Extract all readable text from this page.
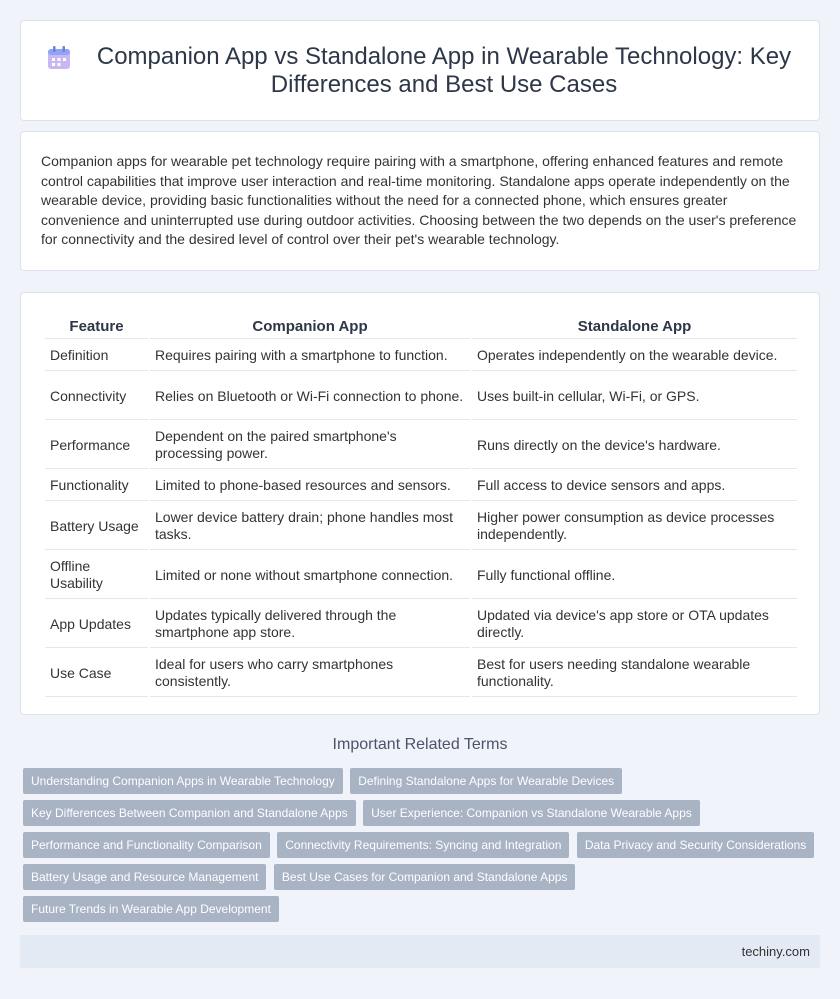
Companion App vs Standalone App in Wearable Technology: Key Differences and Best Use Cases

Companion apps for wearable pet technology require pairing with a smartphone, offering enhanced features and remote control capabilities that improve user interaction and real-time monitoring. Standalone apps operate independently on the wearable device, providing basic functionalities without the need for a connected phone, which ensures greater convenience and uninterrupted use during outdoor activities. Choosing between the two depends on the user's preference for connectivity and the desired level of control over their pet's wearable technology.

Feature	Companion App	Standalone App
Definition	Requires pairing with a smartphone to function.	Operates independently on the wearable device.
Connectivity	Relies on Bluetooth or Wi-Fi connection to phone.	Uses built-in cellular, Wi-Fi, or GPS.
Performance	Dependent on the paired smartphone's processing power.	Runs directly on the device's hardware.
Functionality	Limited to phone-based resources and sensors.	Full access to device sensors and apps.
Battery Usage	Lower device battery drain; phone handles most tasks.	Higher power consumption as device processes independently.
Offline Usability	Limited or none without smartphone connection.	Fully functional offline.
App Updates	Updates typically delivered through the smartphone app store.	Updated via device's app store or OTA updates directly.
Use Case	Ideal for users who carry smartphones consistently.	Best for users needing standalone wearable functionality.
Important Related Terms
Understanding Companion Apps in Wearable Technology Defining Standalone Apps for Wearable Devices Key Differences Between Companion and Standalone Apps User Experience: Companion vs Standalone Wearable Apps Performance and Functionality Comparison Connectivity Requirements: Syncing and Integration Data Privacy and Security Considerations Battery Usage and Resource Management Best Use Cases for Companion and Standalone Apps Future Trends in Wearable App Development
techiny.com
